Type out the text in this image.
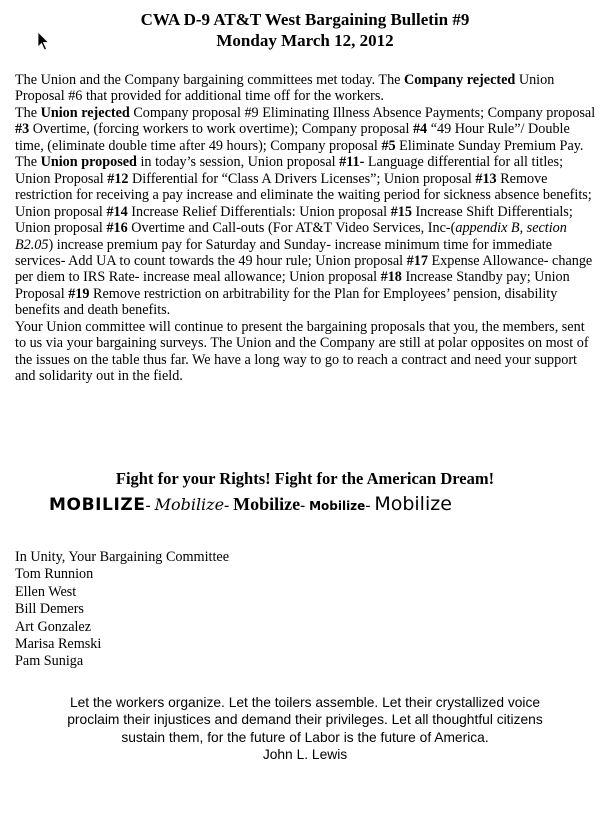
CWA D-9 AT&T West Bargaining Bulletin #9
Monday March 12, 2012

The Union and the Company bargaining committees met today. The Company rejected Union Proposal #6 that provided for additional time off for the workers.

The Union rejected Company proposal #9 Eliminating Illness Absence Payments; Company proposal #3 Overtime, (forcing workers to work overtime); Company proposal #4 “49 Hour Rule”/ Double time, (eliminate double time after 49 hours); Company proposal #5 Eliminate Sunday Premium Pay.

The Union proposed in today’s session, Union proposal #11- Language differential for all titles; Union Proposal #12 Differential for “Class A Drivers Licenses”; Union proposal #13 Remove restriction for receiving a pay increase and eliminate the waiting period for sickness absence benefits; Union proposal #14 Increase Relief Differentials: Union proposal #15 Increase Shift Differentials; Union proposal #16 Overtime and Call-outs (For AT&T Video Services, Inc-(appendix B, section B2.05) increase premium pay for Saturday and Sunday- increase minimum time for immediate services- Add UA to count towards the 49 hour rule; Union proposal #17 Expense Allowance- change per diem to IRS Rate- increase meal allowance; Union proposal #18 Increase Standby pay; Union Proposal #19 Remove restriction on arbitrability for the Plan for Employees’ pension, disability benefits and death benefits.

Your Union committee will continue to present the bargaining proposals that you, the members, sent to us via your bargaining surveys. The Union and the Company are still at polar opposites on most of the issues on the table thus far. We have a long way to go to reach a contract and need your support and solidarity out in the field.

Fight for your Rights! Fight for the American Dream!
MOBILIZE- Mobilize- Mobilize- Mobilize- Mobilize
In Unity, Your Bargaining Committee
Tom Runnion
Ellen West
Bill Demers
Art Gonzalez
Marisa Remski
Pam Suniga
Let the workers organize. Let the toilers assemble. Let their crystallized voice
proclaim their injustices and demand their privileges. Let all thoughtful citizens
sustain them, for the future of Labor is the future of America.
John L. Lewis
